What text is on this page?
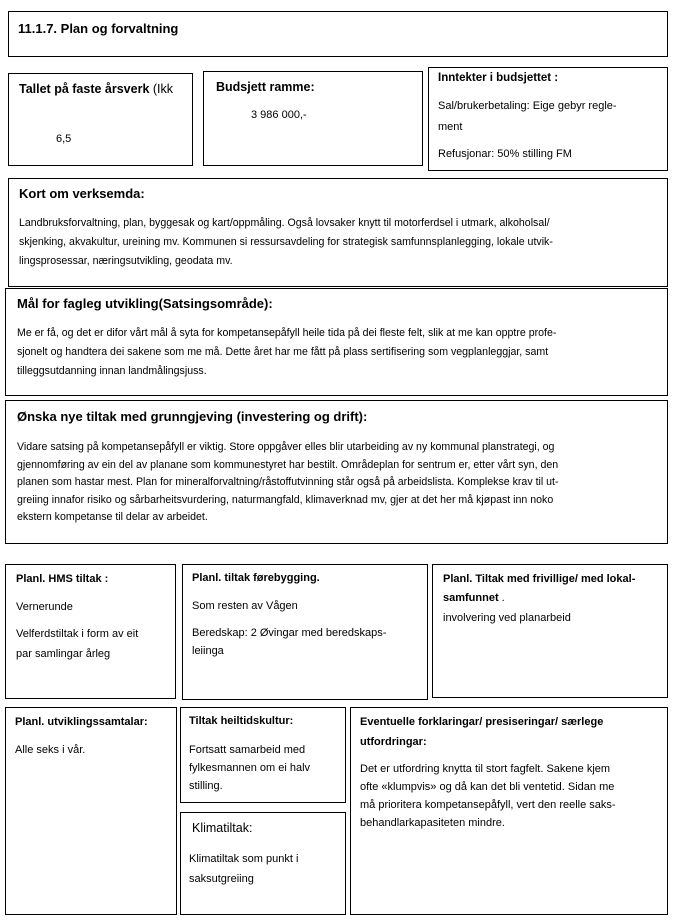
11.1.7. Plan og forvaltning
Tallet på faste årsverk (Ikk
6,5
Budsjett ramme:
3 986 000,-
Inntekter i budsjettet :

Sal/brukerbetaling: Eige gebyr regle-

ment

Refusjonar: 50% stilling FM
Kort om verksemda:

Landbruksforvaltning, plan, byggesak og kart/oppmåling. Også lovsaker knytt til motorferdsel i utmark, alkoholsal/

skjenking, akvakultur, ureining mv. Kommunen si ressursavdeling for strategisk samfunnsplanlegging, lokale utvik-

lingsprosessar, næringsutvikling, geodata mv.

Mål for fagleg utvikling(Satsingsområde):

Me er få, og det er difor vårt mål å syta for kompetansepåfyll heile tida på dei fleste felt, slik at me kan opptre profe-

sjonelt og handtera dei sakene som me må. Dette året har me fått på plass sertifisering som vegplanleggjar, samt

tilleggsutdanning innan landmålingsjuss.

Ønska nye tiltak med grunngjeving (investering og drift):

Vidare satsing på kompetansepåfyll er viktig. Store oppgåver elles blir utarbeiding av ny kommunal planstrategi, og

gjennomføring av ein del av planane som kommunestyret har bestilt. Områdeplan for sentrum er, etter vårt syn, den

planen som hastar mest. Plan for mineralforvaltning/råstoffutvinning står også på arbeidslista. Komplekse krav til ut-

greiing innafor risiko og sårbarheitsvurdering, naturmangfald, klimaverknad mv, gjer at det her må kjøpast inn noko

ekstern kompetanse til delar av arbeidet.

Planl. HMS tiltak :
Vernerunde

Velferdstiltak i form av eit

par samlingar årleg

Planl. tiltak førebygging.
Som resten av Vågen

Beredskap: 2 Øvingar med beredskaps-

leiinga

Planl. Tiltak med frivillige/ med lokal-

samfunnet .

involvering ved planarbeid
Planl. utviklingssamtalar:
Alle seks i vår.
Tiltak heiltidskultur:

Fortsatt samarbeid med

fylkesmannen om ei halv

stilling.

Klimatiltak:

Klimatiltak som punkt i

saksutgreiing

Eventuelle forklaringar/ presiseringar/ særlege

utfordringar:

Det er utfordring knytta til stort fagfelt. Sakene kjem

ofte «klumpvis» og då kan det bli ventetid. Sidan me

må prioritera kompetansepåfyll, vert den reelle saks-

behandlarkapasiteten mindre.
